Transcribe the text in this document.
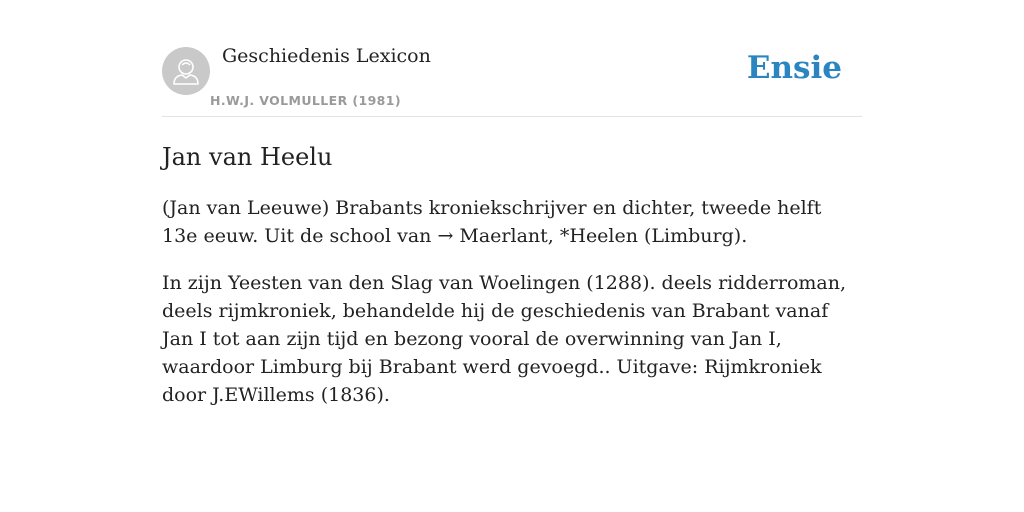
Geschiedenis Lexicon
H.W.J. VOLMULLER (1981)
Ensie
Jan van Heelu

(Jan van Leeuwe) Brabants kroniekschrijver en dichter, tweede helft 13e eeuw. Uit de school van → Maerlant, *Heelen (Limburg).

In zijn Yeesten van den Slag van Woelingen (1288). deels ridderroman, deels rijmkroniek, behandelde hij de geschiedenis van Brabant vanaf Jan I tot aan zijn tijd en bezong vooral de overwinning van Jan I, waardoor Limburg bij Brabant werd gevoegd.. Uitgave: Rijmkroniek door J.EWillems (1836).
